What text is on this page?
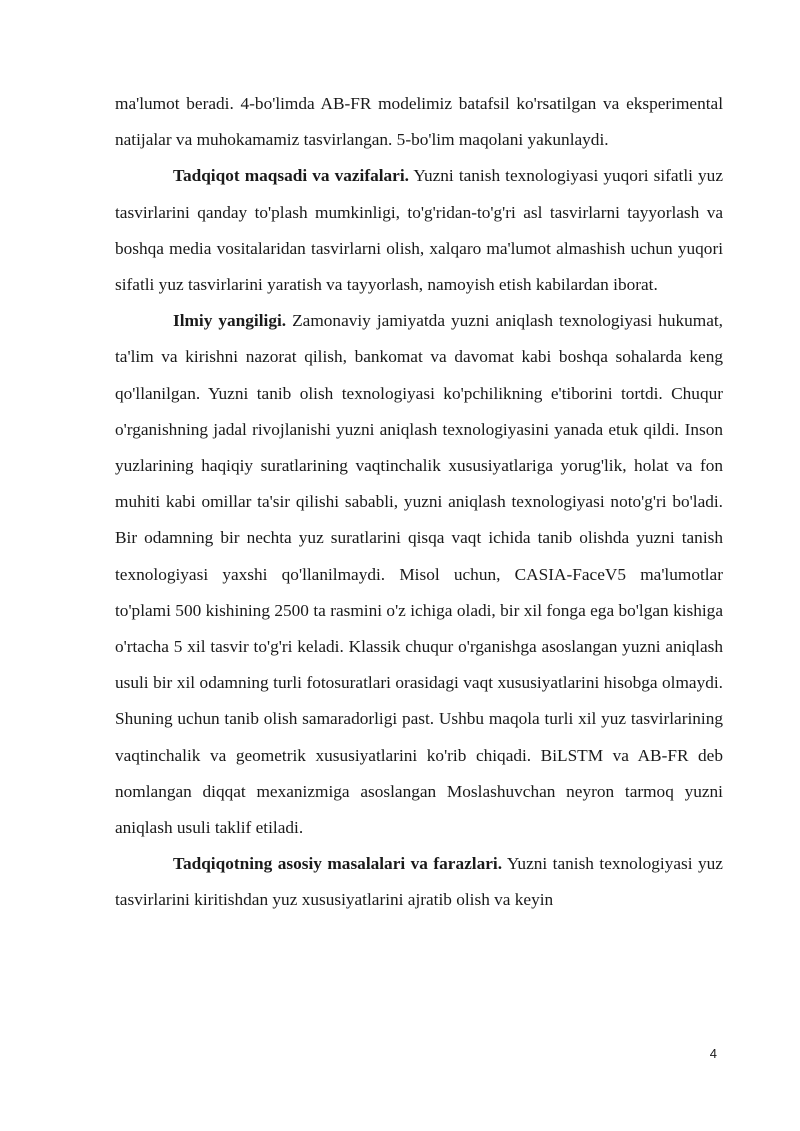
ma'lumot beradi. 4-bo'limda AB-FR modelimiz batafsil ko'rsatilgan va eksperimental natijalar va muhokamamiz tasvirlangan. 5-bo'lim maqolani yakunlaydi.

Tadqiqot maqsadi va vazifalari. Yuzni tanish texnologiyasi yuqori sifatli yuz tasvirlarini qanday to'plash mumkinligi, to'g'ridan-to'g'ri asl tasvirlarni tayyorlash va boshqa media vositalaridan tasvirlarni olish, xalqaro ma'lumot almashish uchun yuqori sifatli yuz tasvirlarini yaratish va tayyorlash, namoyish etish kabilardan iborat.

Ilmiy yangiligi. Zamonaviy jamiyatda yuzni aniqlash texnologiyasi hukumat, ta'lim va kirishni nazorat qilish, bankomat va davomat kabi boshqa sohalarda keng qo'llanilgan. Yuzni tanib olish texnologiyasi ko'pchilikning e'tiborini tortdi. Chuqur o'rganishning jadal rivojlanishi yuzni aniqlash texnologiyasini yanada etuk qildi. Inson yuzlarining haqiqiy suratlarining vaqtinchalik xususiyatlariga yorug'lik, holat va fon muhiti kabi omillar ta'sir qilishi sababli, yuzni aniqlash texnologiyasi noto'g'ri bo'ladi. Bir odamning bir nechta yuz suratlarini qisqa vaqt ichida tanib olishda yuzni tanish texnologiyasi yaxshi qo'llanilmaydi. Misol uchun, CASIA-FaceV5 ma'lumotlar to'plami 500 kishining 2500 ta rasmini o'z ichiga oladi, bir xil fonga ega bo'lgan kishiga o'rtacha 5 xil tasvir to'g'ri keladi. Klassik chuqur o'rganishga asoslangan yuzni aniqlash usuli bir xil odamning turli fotosuratlari orasidagi vaqt xususiyatlarini hisobga olmaydi. Shuning uchun tanib olish samaradorligi past. Ushbu maqola turli xil yuz tasvirlarining vaqtinchalik va geometrik xususiyatlarini ko'rib chiqadi. BiLSTM va AB-FR deb nomlangan diqqat mexanizmiga asoslangan Moslashuvchan neyron tarmoq yuzni aniqlash usuli taklif etiladi.

Tadqiqotning asosiy masalalari va farazlari. Yuzni tanish texnologiyasi yuz tasvirlarini kiritishdan yuz xususiyatlarini ajratib olish va keyin

4
